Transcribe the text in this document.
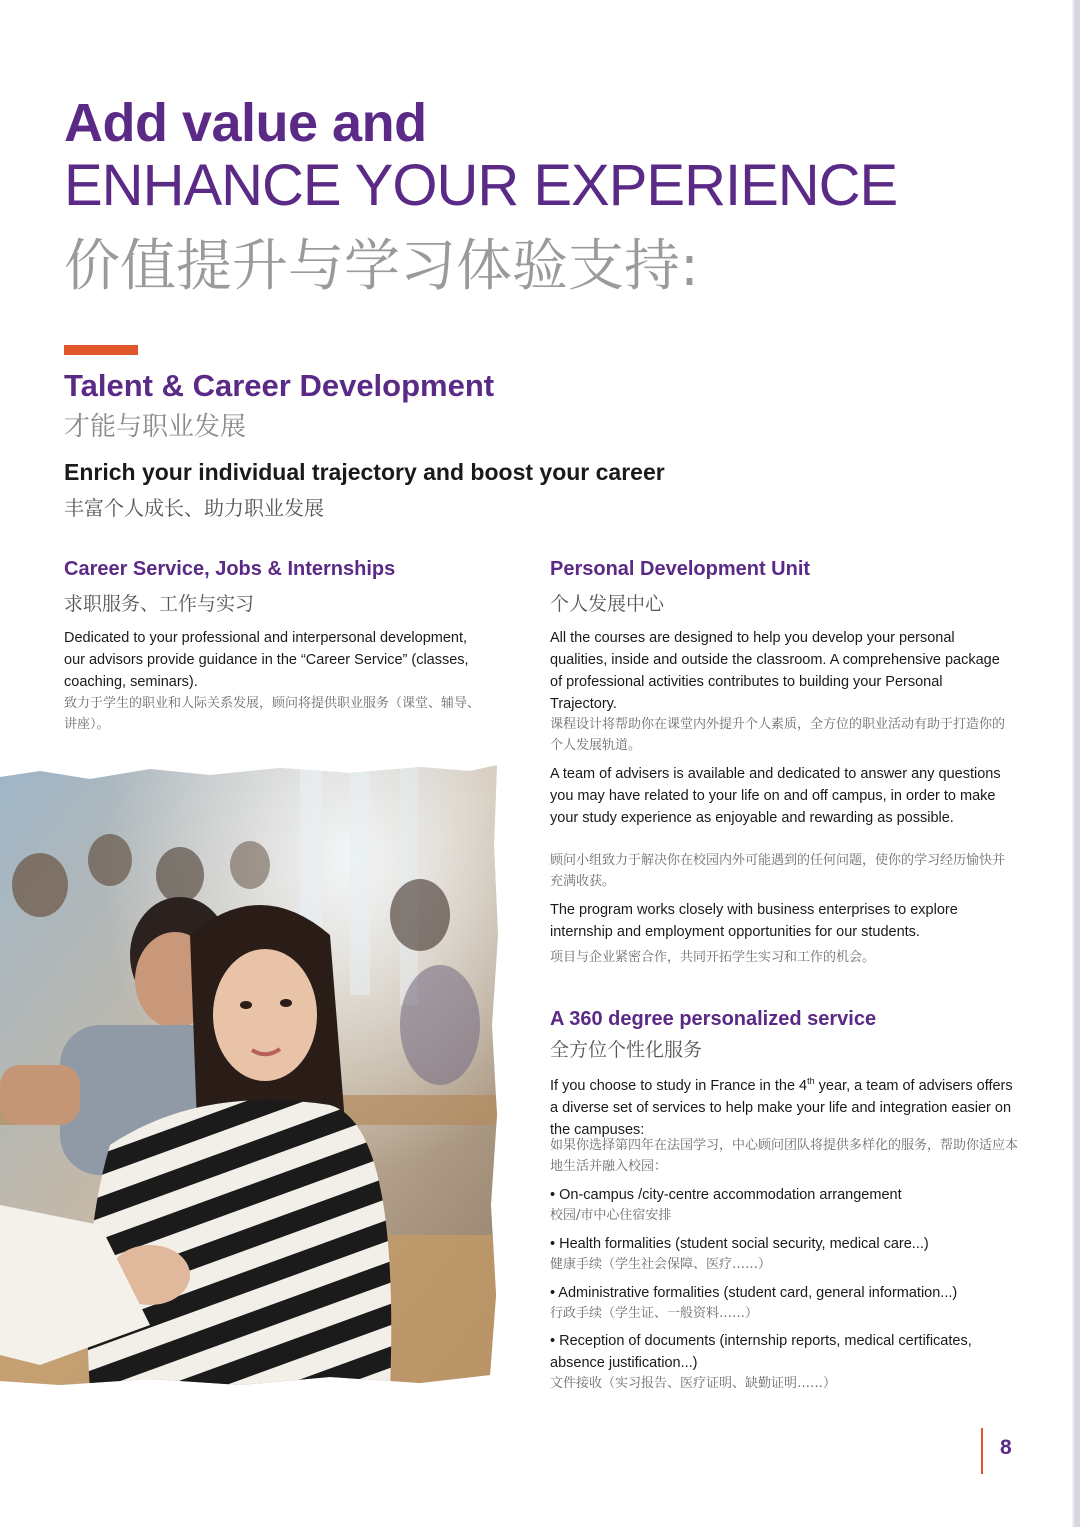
Add value and
ENHANCE YOUR EXPERIENCE
价值提升与学习体验支持:
Talent & Career Development
才能与职业发展
Enrich your individual trajectory and boost your career
丰富个人成长、助力职业发展
Career Service, Jobs & Internships
求职服务、工作与实习
Dedicated to your professional and interpersonal development, our advisors provide guidance in the “Career Service” (classes, coaching, seminars).
致力于学生的职业和人际关系发展，顾问将提供职业服务（课堂、辅导、讲座）。
Personal Development Unit
个人发展中心
All the courses are designed to help you develop your personal qualities, inside and outside the classroom. A comprehensive package of professional activities contributes to building your Personal Trajectory.
课程设计将帮助你在课堂内外提升个人素质，全方位的职业活动有助于打造你的个人发展轨道。
A team of advisers is available and dedicated to answer any questions you may have related to your life on and off campus, in order to make your study experience as enjoyable and rewarding as possible.
顾问小组致力于解决你在校园内外可能遇到的任何问题，使你的学习经历愉快并充满收获。
The program works closely with business enterprises to explore internship and employment opportunities for our students.
项目与企业紧密合作，共同开拓学生实习和工作的机会。
A 360 degree personalized service
全方位个性化服务
If you choose to study in France in the 4th year, a team of advisers offers a diverse set of services to help make your life and integration easier on the campuses:
如果你选择第四年在法国学习，中心顾问团队将提供多样化的服务，帮助你适应本地生活并融入校园：
• On-campus /city-centre accommodation arrangement
校园/市中心住宿安排
• Health formalities (student social security, medical care...)
健康手续（学生社会保障、医疗……）
• Administrative formalities (student card, general information...)
行政手续（学生证、一般资料……）
• Reception of documents (internship reports, medical certificates, absence justification...)
文件接收（实习报告、医疗证明、缺勤证明……）
8
